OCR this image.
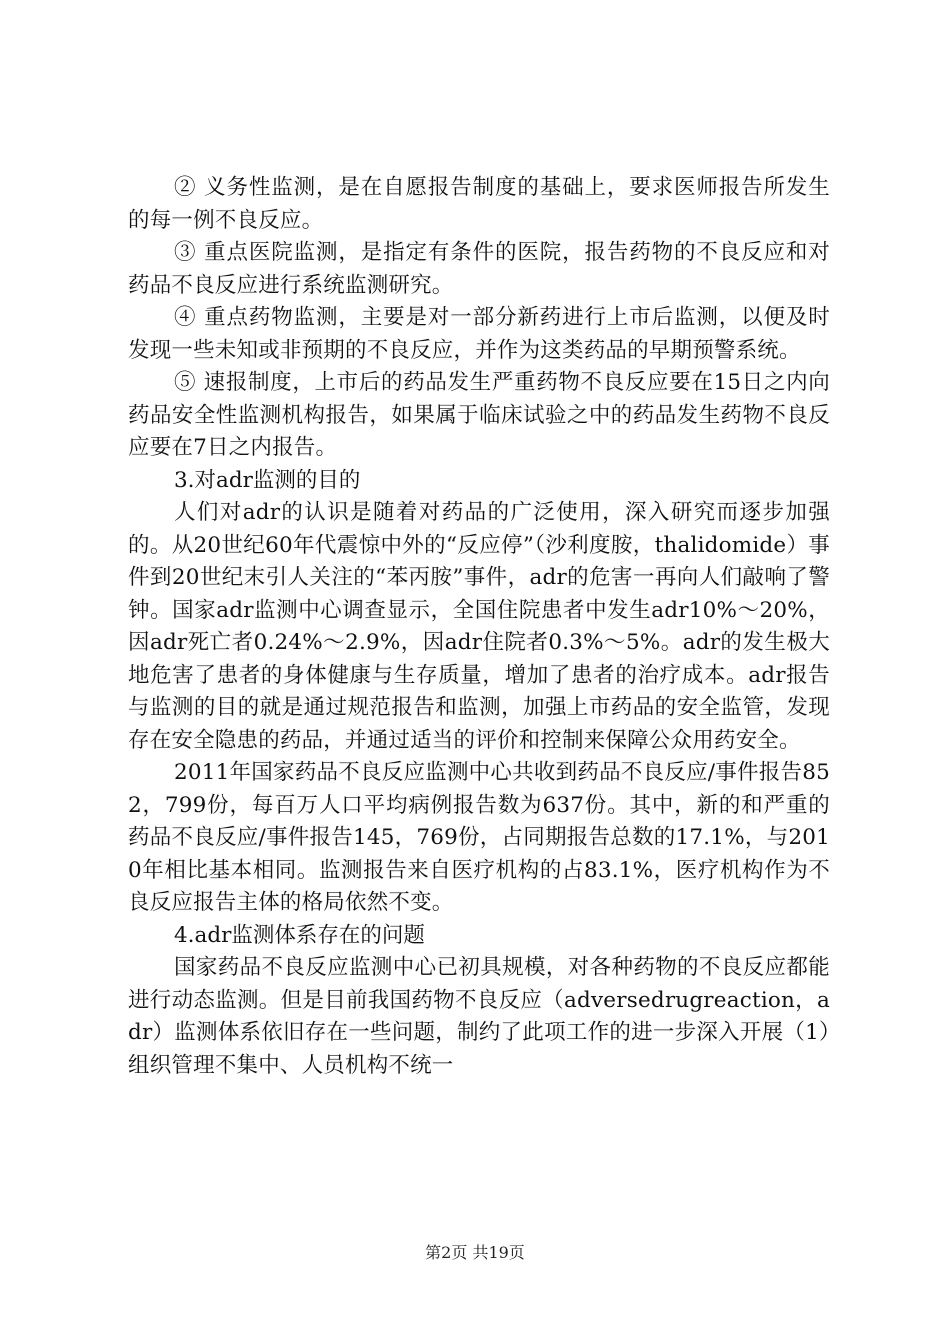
② 义务性监测，是在自愿报告制度的基础上，要求医师报告所发生的每一例不良反应。

③ 重点医院监测，是指定有条件的医院，报告药物的不良反应和对药品不良反应进行系统监测研究。

④ 重点药物监测，主要是对一部分新药进行上市后监测，以便及时发现一些未知或非预期的不良反应，并作为这类药品的早期预警系统。

⑤ 速报制度，上市后的药品发生严重药物不良反应要在15日之内向药品安全性监测机构报告，如果属于临床试验之中的药品发生药物不良反应要在7日之内报告。

3.对adr监测的目的

人们对adr的认识是随着对药品的广泛使用，深入研究而逐步加强的。从20世纪60年代震惊中外的“反应停”（沙利度胺，thalidomide）事件到20世纪末引人关注的“苯丙胺”事件，adr的危害一再向人们敲响了警钟。国家adr监测中心调查显示，全国住院患者中发生adr10%～20%，因adr死亡者0.24%～2.9%，因adr住院者0.3%～5%。adr的发生极大地危害了患者的身体健康与生存质量，增加了患者的治疗成本。adr报告与监测的目的就是通过规范报告和监测，加强上市药品的安全监管，发现存在安全隐患的药品，并通过适当的评价和控制来保障公众用药安全。

2011年国家药品不良反应监测中心共收到药品不良反应/事件报告852，799份，每百万人口平均病例报告数为637份。其中，新的和严重的药品不良反应/事件报告145，769份，占同期报告总数的17.1%，与2010年相比基本相同。监测报告来自医疗机构的占83.1%，医疗机构作为不良反应报告主体的格局依然不变。

4.adr监测体系存在的问题

国家药品不良反应监测中心已初具规模，对各种药物的不良反应都能进行动态监测。但是目前我国药物不良反应（adversedrugreaction，adr）监测体系依旧存在一些问题，制约了此项工作的进一步深入开展（1）组织管理不集中、人员机构不统一

第2页 共19页
